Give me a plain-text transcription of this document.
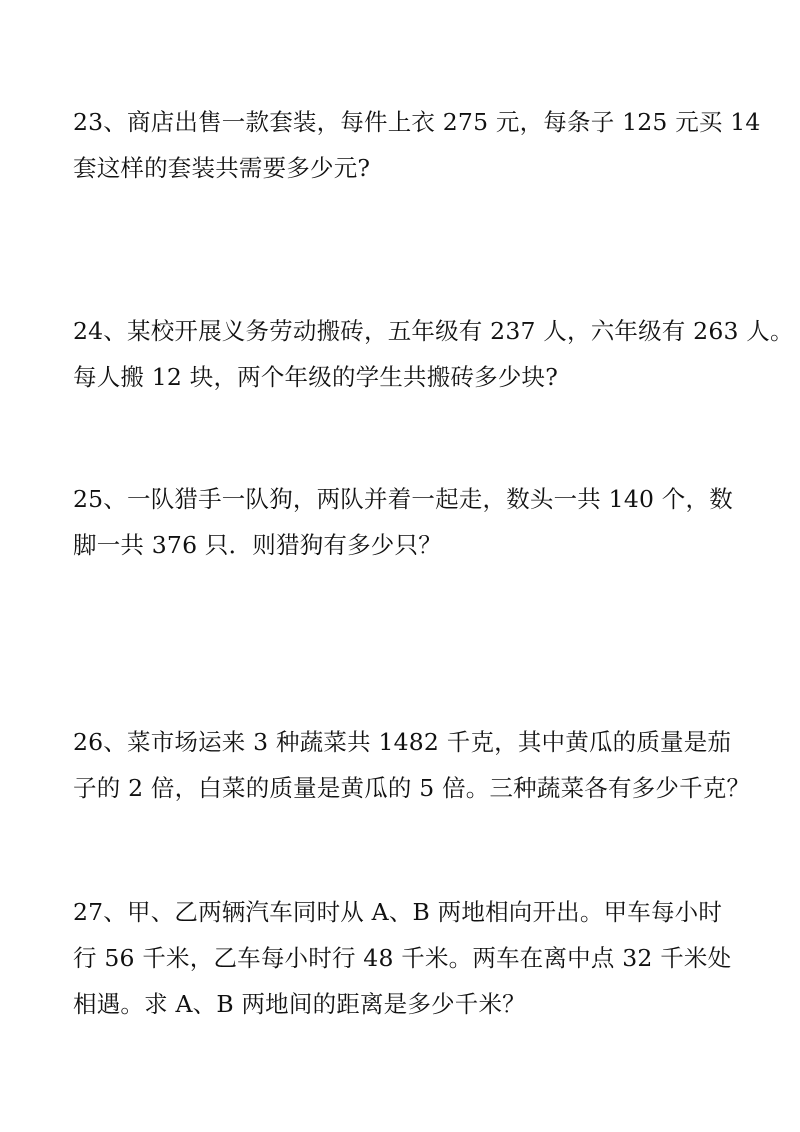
23、商店出售一款套装，每件上衣 275 元，每条子 125 元买 14

套这样的套装共需要多少元?

24、某校开展义务劳动搬砖，五年级有 237 人，六年级有 263 人。

每人搬 12 块，两个年级的学生共搬砖多少块?

25、一队猎手一队狗，两队并着一起走，数头一共 140 个，数

脚一共 376 只．则猎狗有多少只？

26、菜市场运来 3 种蔬菜共 1482 千克，其中黄瓜的质量是茄

子的 2 倍，白菜的质量是黄瓜的 5 倍。三种蔬菜各有多少千克？

27、甲、乙两辆汽车同时从 A、B 两地相向开出。甲车每小时

行 56 千米，乙车每小时行 48 千米。两车在离中点 32 千米处

相遇。求 A、B 两地间的距离是多少千米？
